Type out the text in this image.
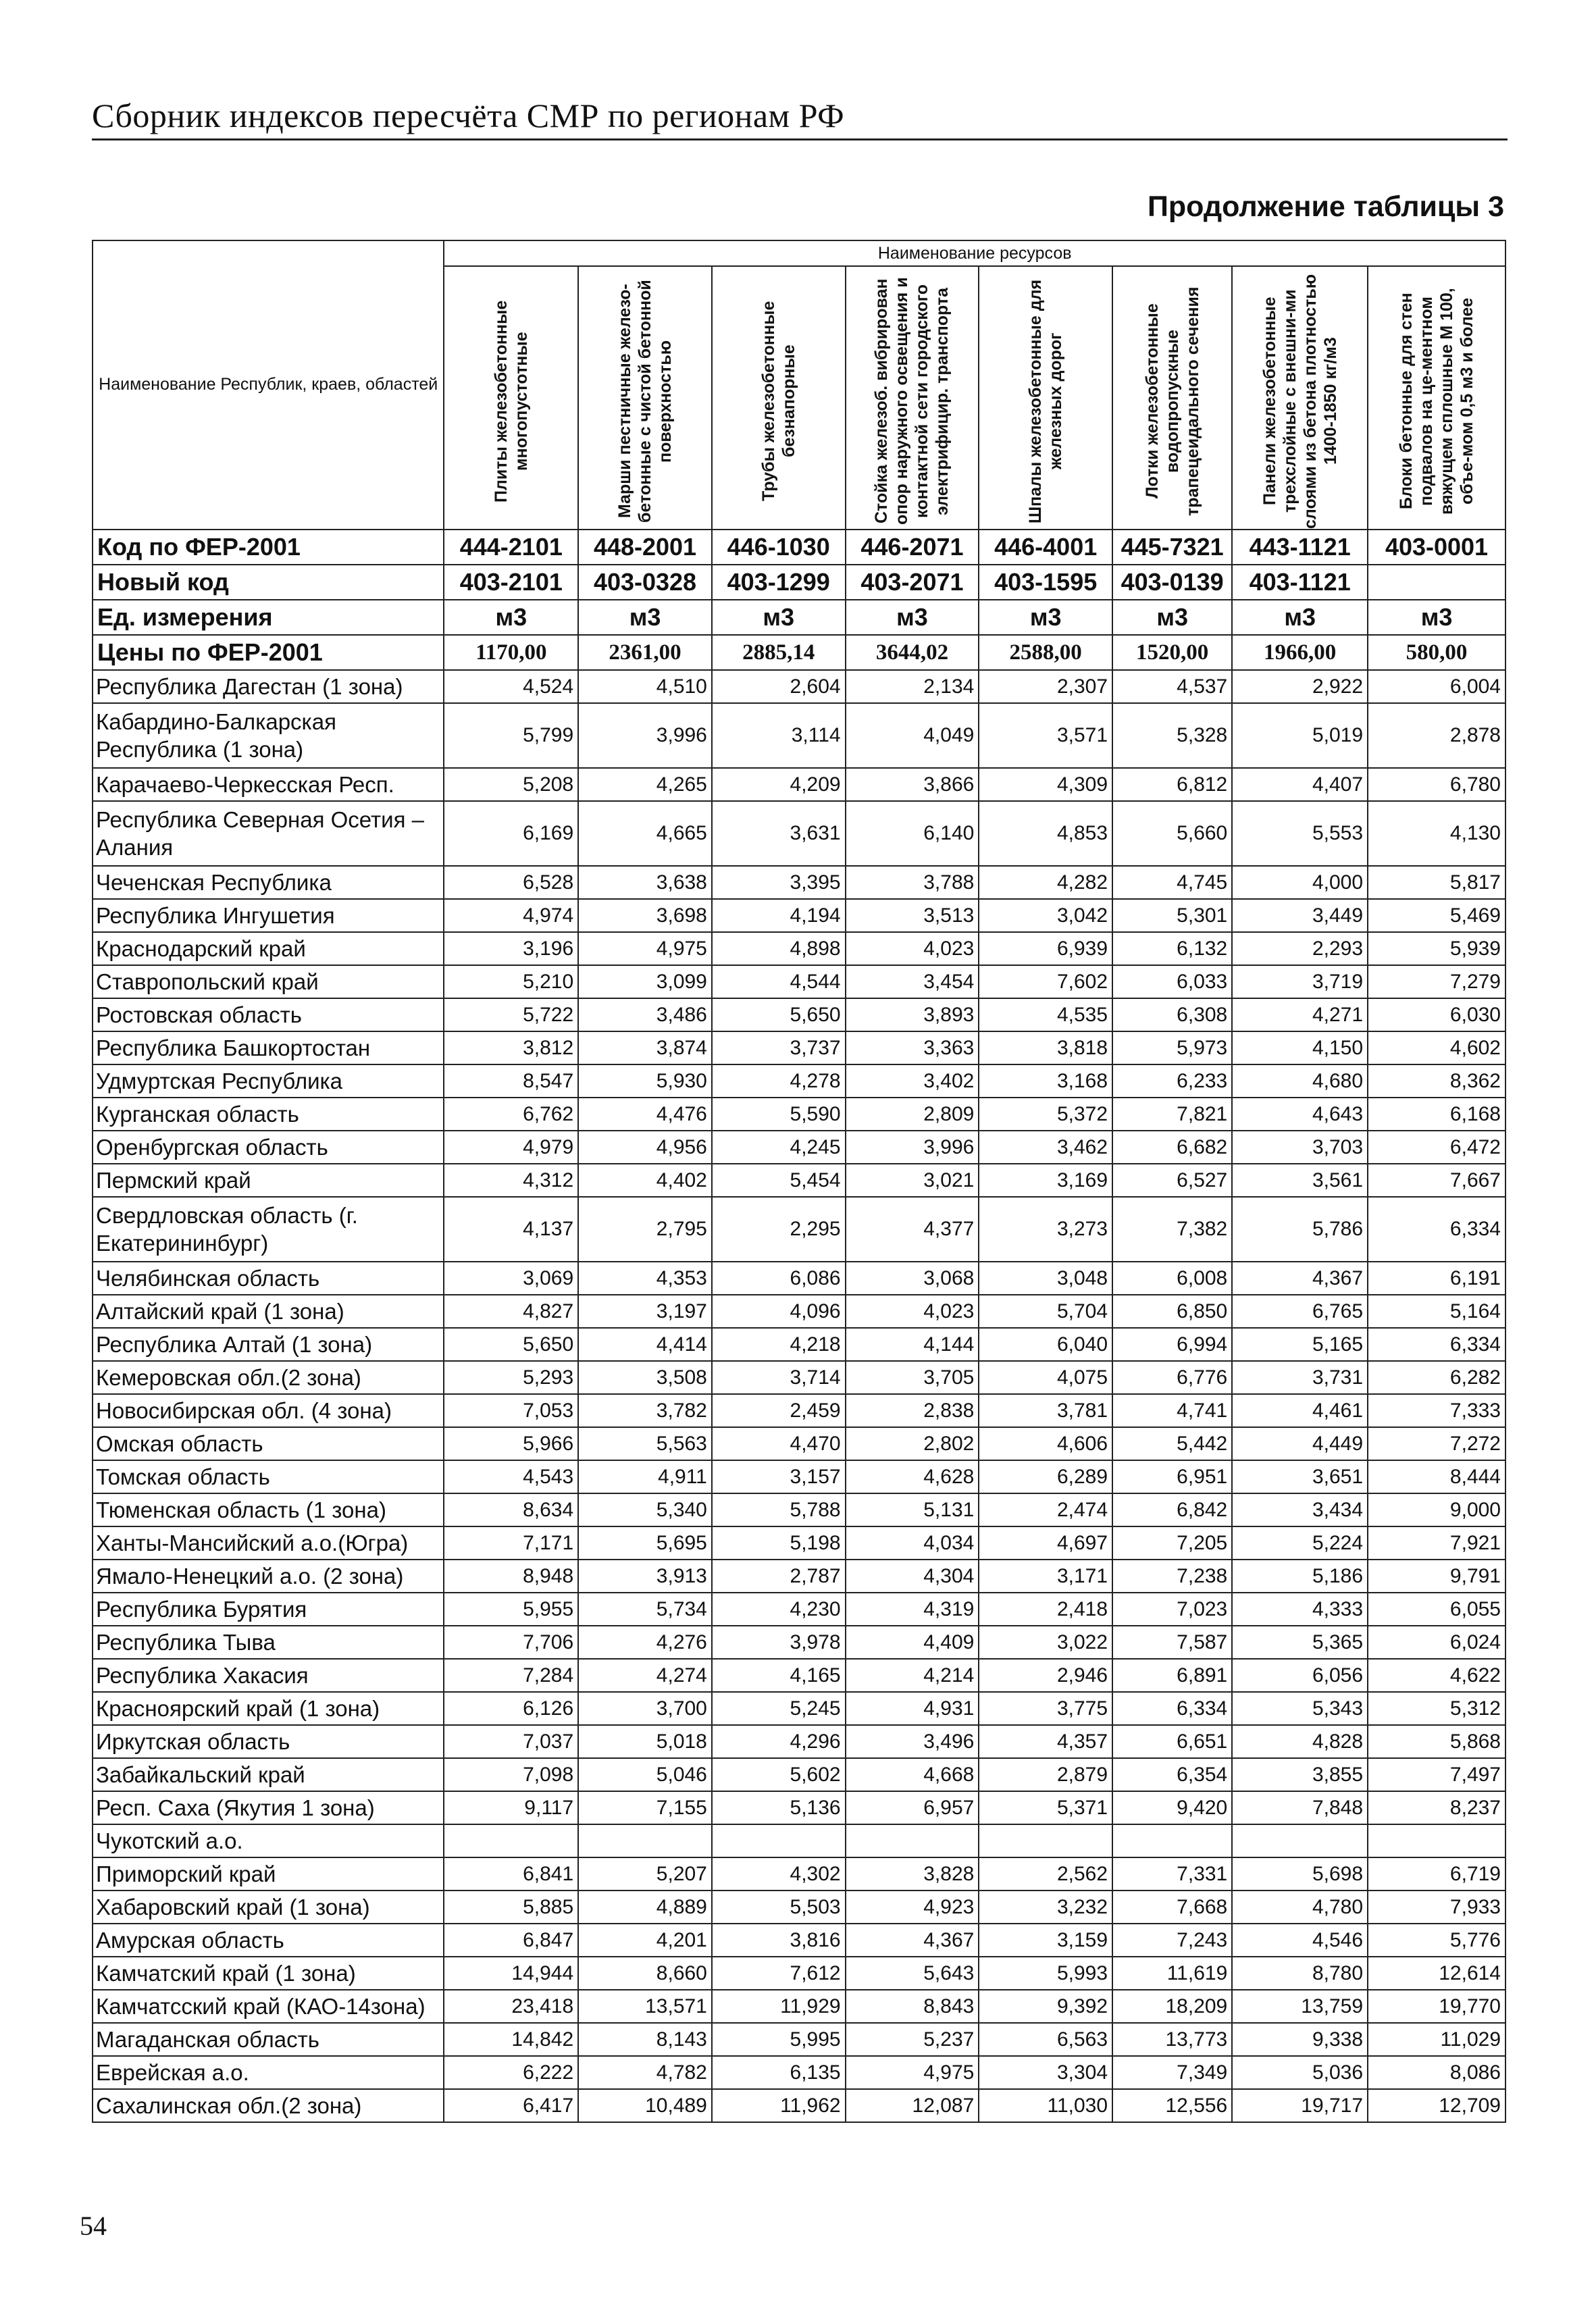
Сборник индексов пересчёта СМР по регионам РФ
Продолжение таблицы 3
Наименование Республик, краев, областей	Наименование ресурсов							

	Плиты железобетонные многопустотные	Марши пестничные железо-бетонные с чистой бетонной поверхностью	Трубы железобетонные безнапорные	Стойка железоб. вибрирован опор наружного освещения и контактной сети городского электрифицир. транспорта	Шпалы железобетонные для железных дорог	Лотки железобетонные водопропускные трапецеидального сечения	Панели железобетонные трехслойные с внешни-ми слоями из бетона плотностью 1400-1850 кг/м3	Блоки бетонные для стен подвалов на це-ментном вяжущем сплошные М 100, объе-мом 0,5 м3 и более

Код по ФЕР-2001	444-2101	448-2001	446-1030	446-2071	446-4001	445-7321	443-1121	403-0001
Новый код	403-2101	403-0328	403-1299	403-2071	403-1595	403-0139	403-1121	
Ед. измерения	м3	м3	м3	м3	м3	м3	м3	м3
Цены по ФЕР-2001	1170,00	2361,00	2885,14	3644,02	2588,00	1520,00	1966,00	580,00
Республика Дагестан (1 зона)	4,524	4,510	2,604	2,134	2,307	4,537	2,922	6,004
Кабардино-Балкарская Республика (1 зона)	5,799	3,996	3,114	4,049	3,571	5,328	5,019	2,878
Карачаево-Черкесская Респ.	5,208	4,265	4,209	3,866	4,309	6,812	4,407	6,780
Республика Северная Осетия – Алания	6,169	4,665	3,631	6,140	4,853	5,660	5,553	4,130
Чеченская Республика	6,528	3,638	3,395	3,788	4,282	4,745	4,000	5,817
Республика Ингушетия	4,974	3,698	4,194	3,513	3,042	5,301	3,449	5,469
Краснодарский край	3,196	4,975	4,898	4,023	6,939	6,132	2,293	5,939
Ставропольский край	5,210	3,099	4,544	3,454	7,602	6,033	3,719	7,279
Ростовская область	5,722	3,486	5,650	3,893	4,535	6,308	4,271	6,030
Республика Башкортостан	3,812	3,874	3,737	3,363	3,818	5,973	4,150	4,602
Удмуртская Республика	8,547	5,930	4,278	3,402	3,168	6,233	4,680	8,362
Курганская область	6,762	4,476	5,590	2,809	5,372	7,821	4,643	6,168
Оренбургская область	4,979	4,956	4,245	3,996	3,462	6,682	3,703	6,472
Пермский край	4,312	4,402	5,454	3,021	3,169	6,527	3,561	7,667
Свердловская область (г. Екатерининбург)	4,137	2,795	2,295	4,377	3,273	7,382	5,786	6,334
Челябинская область	3,069	4,353	6,086	3,068	3,048	6,008	4,367	6,191
Алтайский край (1 зона)	4,827	3,197	4,096	4,023	5,704	6,850	6,765	5,164
Республика Алтай (1 зона)	5,650	4,414	4,218	4,144	6,040	6,994	5,165	6,334
Кемеровская обл.(2 зона)	5,293	3,508	3,714	3,705	4,075	6,776	3,731	6,282
Новосибирская обл. (4 зона)	7,053	3,782	2,459	2,838	3,781	4,741	4,461	7,333
Омская область	5,966	5,563	4,470	2,802	4,606	5,442	4,449	7,272
Томская область	4,543	4,911	3,157	4,628	6,289	6,951	3,651	8,444
Тюменская область (1 зона)	8,634	5,340	5,788	5,131	2,474	6,842	3,434	9,000
Ханты-Мансийский а.о.(Югра)	7,171	5,695	5,198	4,034	4,697	7,205	5,224	7,921
Ямало-Ненецкий а.о. (2 зона)	8,948	3,913	2,787	4,304	3,171	7,238	5,186	9,791
Республика Бурятия	5,955	5,734	4,230	4,319	2,418	7,023	4,333	6,055
Республика Тыва	7,706	4,276	3,978	4,409	3,022	7,587	5,365	6,024
Республика Хакасия	7,284	4,274	4,165	4,214	2,946	6,891	6,056	4,622
Красноярский край (1 зона)	6,126	3,700	5,245	4,931	3,775	6,334	5,343	5,312
Иркутская область	7,037	5,018	4,296	3,496	4,357	6,651	4,828	5,868
Забайкальский край	7,098	5,046	5,602	4,668	2,879	6,354	3,855	7,497
Респ. Саха (Якутия 1 зона)	9,117	7,155	5,136	6,957	5,371	9,420	7,848	8,237
Чукотский а.о.								
Приморский край	6,841	5,207	4,302	3,828	2,562	7,331	5,698	6,719
Хабаровский край (1 зона)	5,885	4,889	5,503	4,923	3,232	7,668	4,780	7,933
Амурская область	6,847	4,201	3,816	4,367	3,159	7,243	4,546	5,776
Камчатский край (1 зона)	14,944	8,660	7,612	5,643	5,993	11,619	8,780	12,614
Камчатсский край (КАО-14зона)	23,418	13,571	11,929	8,843	9,392	18,209	13,759	19,770
Магаданская область	14,842	8,143	5,995	5,237	6,563	13,773	9,338	11,029
Еврейская а.о.	6,222	4,782	6,135	4,975	3,304	7,349	5,036	8,086
Сахалинская обл.(2 зона)	6,417	10,489	11,962	12,087	11,030	12,556	19,717	12,709
54
